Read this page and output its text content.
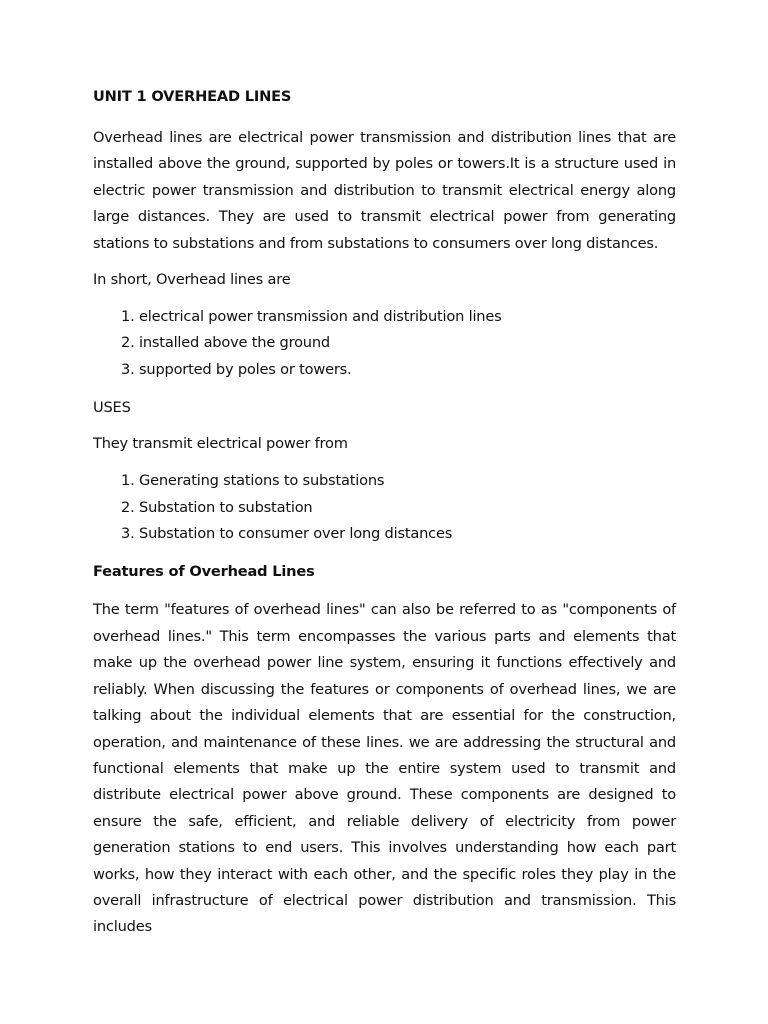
UNIT 1 OVERHEAD LINES

Overhead lines are electrical power transmission and distribution lines that are installed above the ground, supported by poles or towers.It is a structure used in electric power transmission and distribution to transmit electrical energy along large distances. They are used to transmit electrical power from generating stations to substations and from substations to consumers over long distances.

In short, Overhead lines are

1. electrical power transmission and distribution lines
2. installed above the ground
3. supported by poles or towers.

USES

They transmit electrical power from

1. Generating stations to substations
2. Substation to substation
3. Substation to consumer over long distances
Features of Overhead Lines

The term "features of overhead lines" can also be referred to as "components of overhead lines." This term encompasses the various parts and elements that make up the overhead power line system, ensuring it functions effectively and reliably. When discussing the features or components of overhead lines, we are talking about the individual elements that are essential for the construction, operation, and maintenance of these lines. we are addressing the structural and functional elements that make up the entire system used to transmit and distribute electrical power above ground. These components are designed to ensure the safe, efficient, and reliable delivery of electricity from power generation stations to end users. This involves understanding how each part works, how they interact with each other, and the specific roles they play in the overall infrastructure of electrical power distribution and transmission. This includes
